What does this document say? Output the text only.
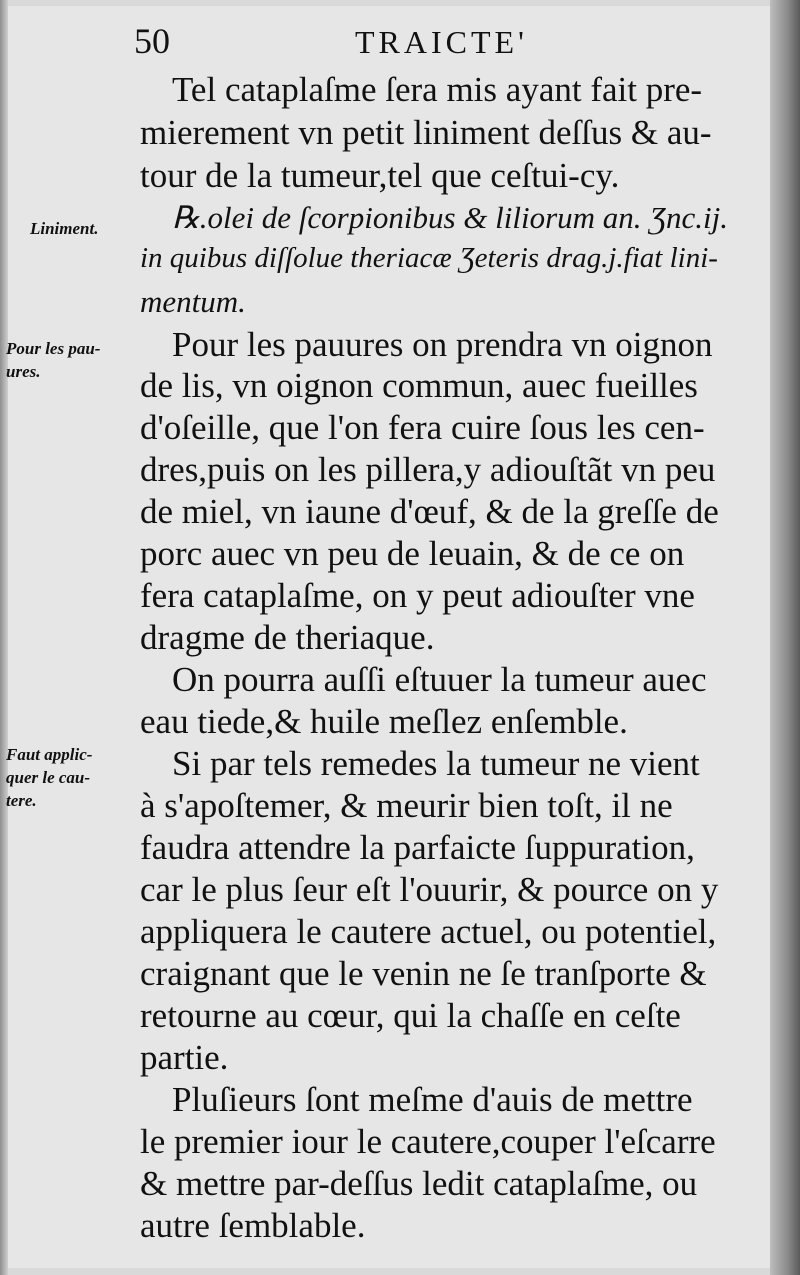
50	TRAICTE'
Liniment.
Pour les pau-
ures.
Faut applic-
quer le cau-
tere.
Tel cataplaſme ſera mis ayant fait pre-
mierement vn petit liniment deſſus & au-
tour de la tumeur,tel que ceſtui-cy.
℞.olei de ſcorpionibus & liliorum an. Ʒnc.ij.
in quibus diſſolue theriacæ Ʒeteris drag.j.fiat lini-
mentum.
Pour les pauures on prendra vn oignon
de lis, vn oignon commun, auec fueilles
d'oſeille, que l'on fera cuire ſous les cen-
dres,puis on les pillera,y adiouſtãt vn peu
de miel, vn iaune d'œuf, & de la greſſe de
porc auec vn peu de leuain, & de ce on
fera cataplaſme, on y peut adiouſter vne
dragme de theriaque.
On pourra auſſi eſtuuer la tumeur auec
eau tiede,& huile meſlez enſemble.
Si par tels remedes la tumeur ne vient
à s'apoſtemer, & meurir bien toſt, il ne
faudra attendre la parfaicte ſuppuration,
car le plus ſeur eſt l'ouurir, & pource on y
appliquera le cautere actuel, ou potentiel,
craignant que le venin ne ſe tranſporte &
retourne au cœur, qui la chaſſe en ceſte
partie.
Pluſieurs ſont meſme d'auis de mettre
le premier iour le cautere,couper l'eſcarre
& mettre par-deſſus ledit cataplaſme, ou
autre ſemblable.
